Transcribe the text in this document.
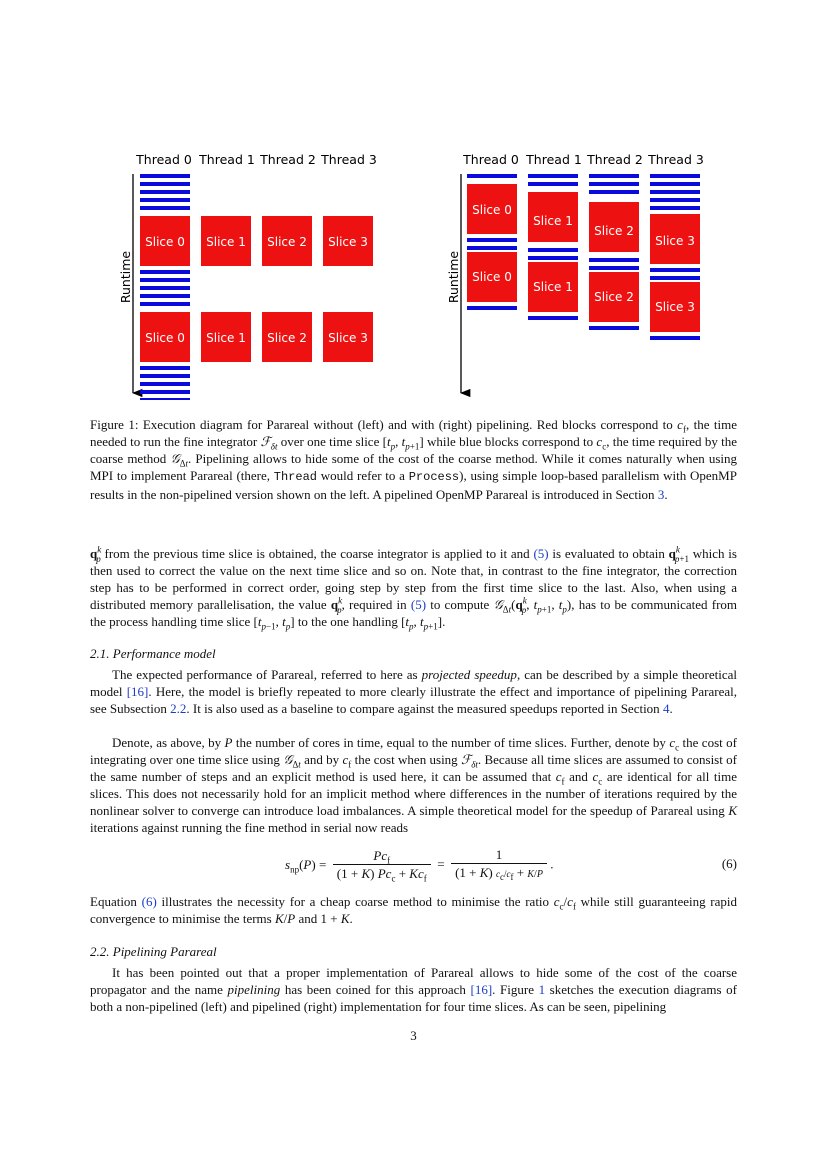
Thread 0 Thread 1 Thread 2 Thread 3
Runtime
Slice 0 Slice 1 Slice 2 Slice 3
Slice 0 Slice 1 Slice 2 Slice 3
Thread 0 Thread 1 Thread 2 Thread 3
Runtime
Slice 0
Slice 0
Slice 1
Slice 1
Slice 2
Slice 2
Slice 3
Slice 3
Figure 1: Execution diagram for Parareal without (left) and with (right) pipelining. Red blocks correspond to $c_f$, the time needed to run the fine integrator ℱ$_{\delta t}$ over one time slice [$t_p$, $t_{p+1}$] while blue blocks correspond to $c_c$, the time required by the coarse method 𝒢$_{\Delta t}$. Pipelining allows to hide some of the cost of the coarse method. While it comes naturally when using MPI to implement Parareal (there, Thread would refer to a Process), using simple loop-based parallelism with OpenMP results in the non-pipelined version shown on the left. A pipelined OpenMP Parareal is introduced in Section 3.
$q^k_p$ from the previous time slice is obtained, the coarse integrator is applied to it and (5) is evaluated to obtain $q^k_{p+1}$ which is then used to correct the value on the next time slice and so on. Note that, in contrast to the fine integrator, the correction step has to be performed in correct order, going step by step from the first time slice to the last. Also, when using a distributed memory parallelisation, the value $q^k_p$, required in (5) to compute $𝒢_{\Delta t}(q^k_p$, $t_{p+1}$, $t_p$), has to be communicated from the process handling time slice [$t_{p-1}$, $t_p$] to the one handling [$t_p$, $t_{p+1}$].
2.1. Performance model
The expected performance of Parareal, referred to here as projected speedup, can be described by a simple theoretical model [16]. Here, the model is briefly repeated to more clearly illustrate the effect and importance of pipelining Parareal, see Subsection 2.2. It is also used as a baseline to compare against the measured speedups reported in Section 4.
Denote, as above, by P the number of cores in time, equal to the number of time slices. Further, denote by $c_c$ the cost of integrating over one time slice using 𝒢$_{\Delta t}$ and by $c_f$ the cost when using ℱ$_{\delta t}$. Because all time slices are assumed to consist of the same number of steps and an explicit method is used here, it can be assumed that $c_f$ and $c_c$ are identical for all time slices. This does not necessarily hold for an implicit method where differences in the number of iterations required by the nonlinear solver to converge can introduce load imbalances. A simple theoretical model for the speedup of Parareal using K iterations against running the fine method in serial now reads
$s_{np}(P) = \frac{Pc_f}{(1 + K) Pc_c + Kc_f} = \frac{1}{(1 + K) c_c/c_f + K/P}$ .	(6)
Equation (6) illustrates the necessity for a cheap coarse method to minimise the ratio $c_c/c_f$ while still guaranteeing rapid convergence to minimise the terms K/P and 1 + K.
2.2. Pipelining Parareal
It has been pointed out that a proper implementation of Parareal allows to hide some of the cost of the coarse propagator and the name pipelining has been coined for this approach [16]. Figure 1 sketches the execution diagrams of both a non-pipelined (left) and pipelined (right) implementation for four time slices. As can be seen, pipelining
3
